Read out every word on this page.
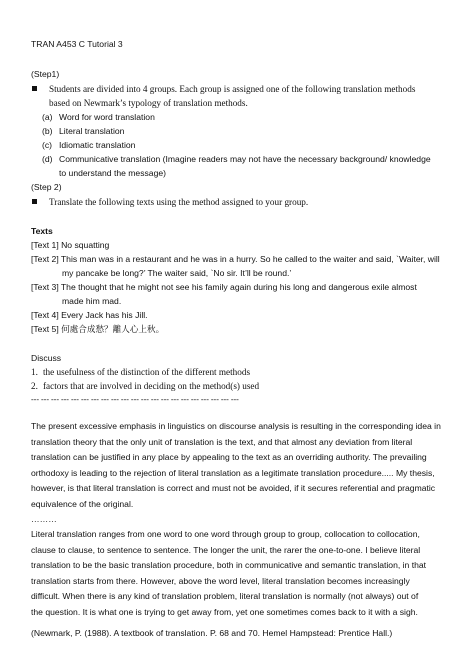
TRAN A453 C Tutorial 3
(Step1)
Students are divided into 4 groups. Each group is assigned one of the following translation methods
based on Newmark’s typology of translation methods.
(a) Word for word translation
(b) Literal translation
(c) Idiomatic translation
(d) Communicative translation (Imagine readers may not have the necessary background/ knowledge
to understand the message)
(Step 2)
Translate the following texts using the method assigned to your group.
Texts
[Text 1] No squatting
[Text 2] This man was in a restaurant and he was in a hurry. So he called to the waiter and said, `Waiter, will
my pancake be long?’ The waiter said, `No sir. It’ll be round.’
[Text 3] The thought that he might not see his family again during his long and dangerous exile almost
made him mad.
[Text 4] Every Jack has his Jill.
[Text 5] 何處合成愁？離人心上秋。
Discuss
1. the usefulness of the distinction of the different methods
2. factors that are involved in deciding on the method(s) used
--- --- --- --- --- --- --- --- --- --- --- --- --- --- --- --- --- --- --- --- ---
The present excessive emphasis in linguistics on discourse analysis is resulting in the corresponding idea in
translation theory that the only unit of translation is the text, and that almost any deviation from literal
translation can be justified in any place by appealing to the text as an overriding authority. The prevailing
orthodoxy is leading to the rejection of literal translation as a legitimate translation procedure..... My thesis,
however, is that literal translation is correct and must not be avoided, if it secures referential and pragmatic
equivalence of the original.
………
Literal translation ranges from one word to one word through group to group, collocation to collocation,
clause to clause, to sentence to sentence. The longer the unit, the rarer the one-to-one. I believe literal
translation to be the basic translation procedure, both in communicative and semantic translation, in that
translation starts from there. However, above the word level, literal translation becomes increasingly
difficult. When there is any kind of translation problem, literal translation is normally (not always) out of
the question. It is what one is trying to get away from, yet one sometimes comes back to it with a sigh.
(Newmark, P. (1988). A textbook of translation. P. 68 and 70. Hemel Hampstead: Prentice Hall.)
